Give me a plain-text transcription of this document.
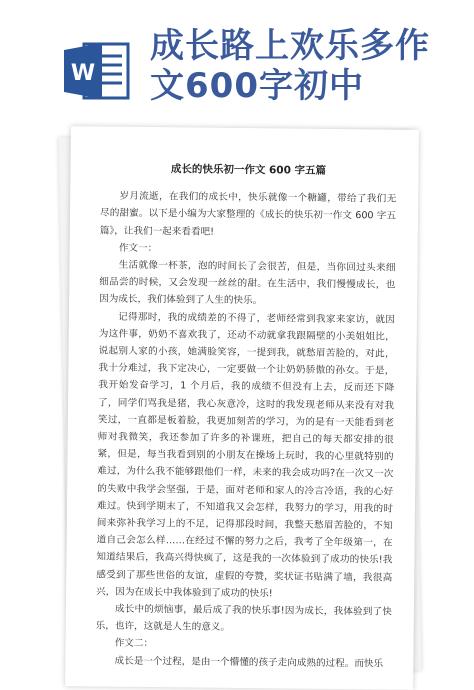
W
成长路上欢乐多作
文600字初中
成长的快乐初一作文 600 字五篇

岁月流逝，在我们的成长中，快乐就像一个糖罐，带给了我们无尽的甜蜜。以下是小编为大家整理的《成长的快乐初一作文 600 字五篇》，让我们一起来看看吧!

作文一：

生活就像一杯茶，泡的时间长了会很苦，但是，当你回过头来细细品尝的时候，又会发现一丝丝的甜。在生活中，我们慢慢成长，也因为成长，我们体验到了人生的快乐。

记得那时，我的成绩差的不得了，老师经常到我家来家访，就因为这件事，奶奶不喜欢我了，还动不动就拿我跟隔壁的小美姐姐比，说起别人家的小孩，她满脸笑容，一提到我，就愁眉苦脸的，对此，我十分难过，我下定决心，一定要做一个让奶奶骄傲的孙女。于是，我开始发奋学习，1 个月后，我的成绩不但没有上去，反而还下降了，同学们骂我是猪，我心灰意冷，这时的我发现老师从来没有对我笑过，一直都是板着脸，我更加刻苦的学习，为的是有一天能看到老师对我微笑，我还参加了许多的补课班，把自己的每天都安排的很紧，但是，每当我看到别的小朋友在操场上玩时，我的心里就特别的难过，为什么我不能够跟他们一样，未来的我会成功吗?在一次又一次的失败中我学会坚强，于是，面对老师和家人的冷言冷语，我的心好难过。快到学期末了，不知道我又会怎样，我努力的学习，用我的时间来弥补我学习上的不足，记得那段时间，我整天愁眉苦脸的，不知道自己会怎么样……在经过不懈的努力之后，我考了全年级第一，在知道结果后，我高兴得快疯了，这是我的一次体验到了成功的快乐!我感受到了那些世俗的友谊，虚假的夸赞，奖状证书贴满了墙，我很高兴，因为在成长中我体验到了成功的快乐!

成长中的烦恼事，最后成了我的快乐事!因为成长，我体验到了快乐，也许，这就是人生的意义。

作文二：

成长是一个过程，是由一个懵懂的孩子走向成熟的过程。而快乐
